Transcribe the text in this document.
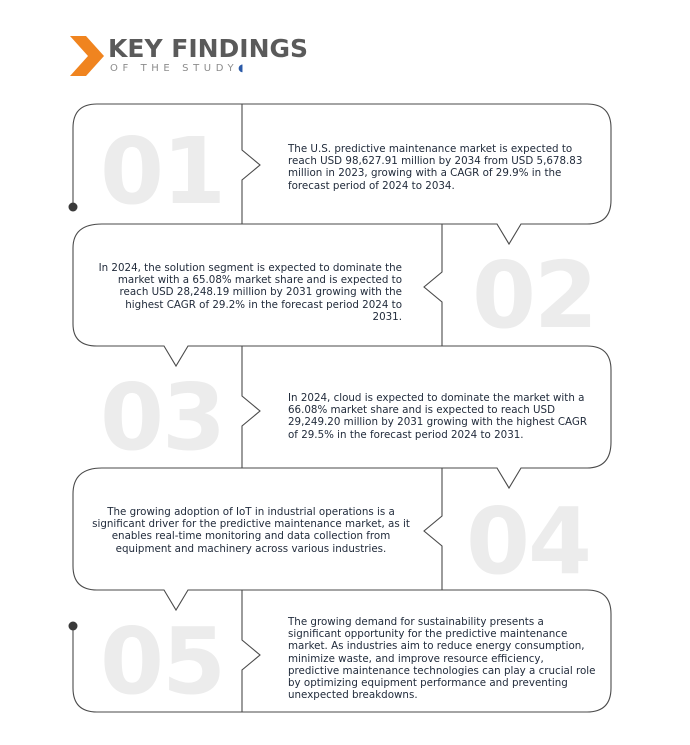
KEY FINDINGS
OF THE STUDY◖
01
02
03
04
05
The U.S. predictive maintenance market is expected to reach USD 98,627.91 million by 2034 from USD 5,678.83 million in 2023, growing with a CAGR of 29.9% in the forecast period of 2024 to 2034.
In 2024, the solution segment is expected to dominate the market with a 65.08% market share and is expected to reach USD 28,248.19 million by 2031 growing with the highest CAGR of 29.2% in the forecast period 2024 to 2031.
In 2024, cloud is expected to dominate the market with a 66.08% market share and is expected to reach USD 29,249.20 million by 2031 growing with the highest CAGR of 29.5% in the forecast period 2024 to 2031.
The growing adoption of IoT in industrial operations is a significant driver for the predictive maintenance market, as it enables real-time monitoring and data collection from equipment and machinery across various industries.
The growing demand for sustainability presents a significant opportunity for the predictive maintenance market. As industries aim to reduce energy consumption, minimize waste, and improve resource efficiency, predictive maintenance technologies can play a crucial role by optimizing equipment performance and preventing unexpected breakdowns.
